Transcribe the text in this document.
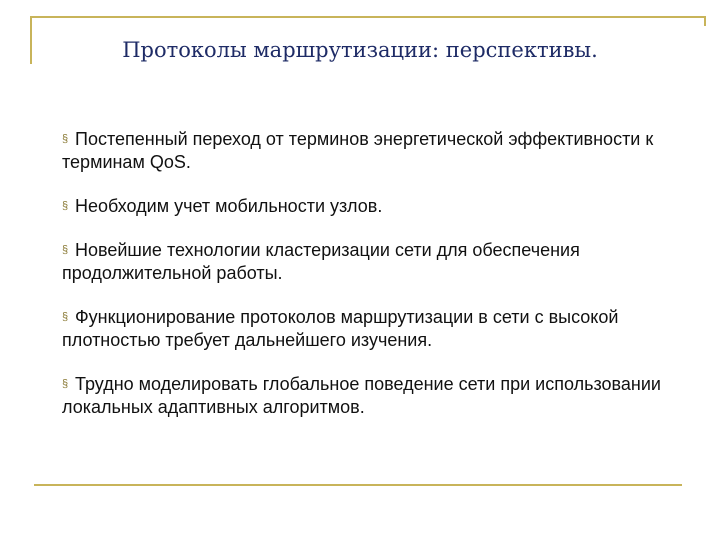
Протоколы маршрутизации: перспективы.
§ Постепенный переход от терминов энергетической эффективности к терминам QoS.
§ Необходим учет мобильности узлов.
§ Новейшие технологии кластеризации сети для обеспечения продолжительной работы.
§ Функционирование протоколов маршрутизации в сети с высокой плотностью требует дальнейшего изучения.
§ Трудно моделировать глобальное поведение сети при использовании локальных адаптивных алгоритмов.
